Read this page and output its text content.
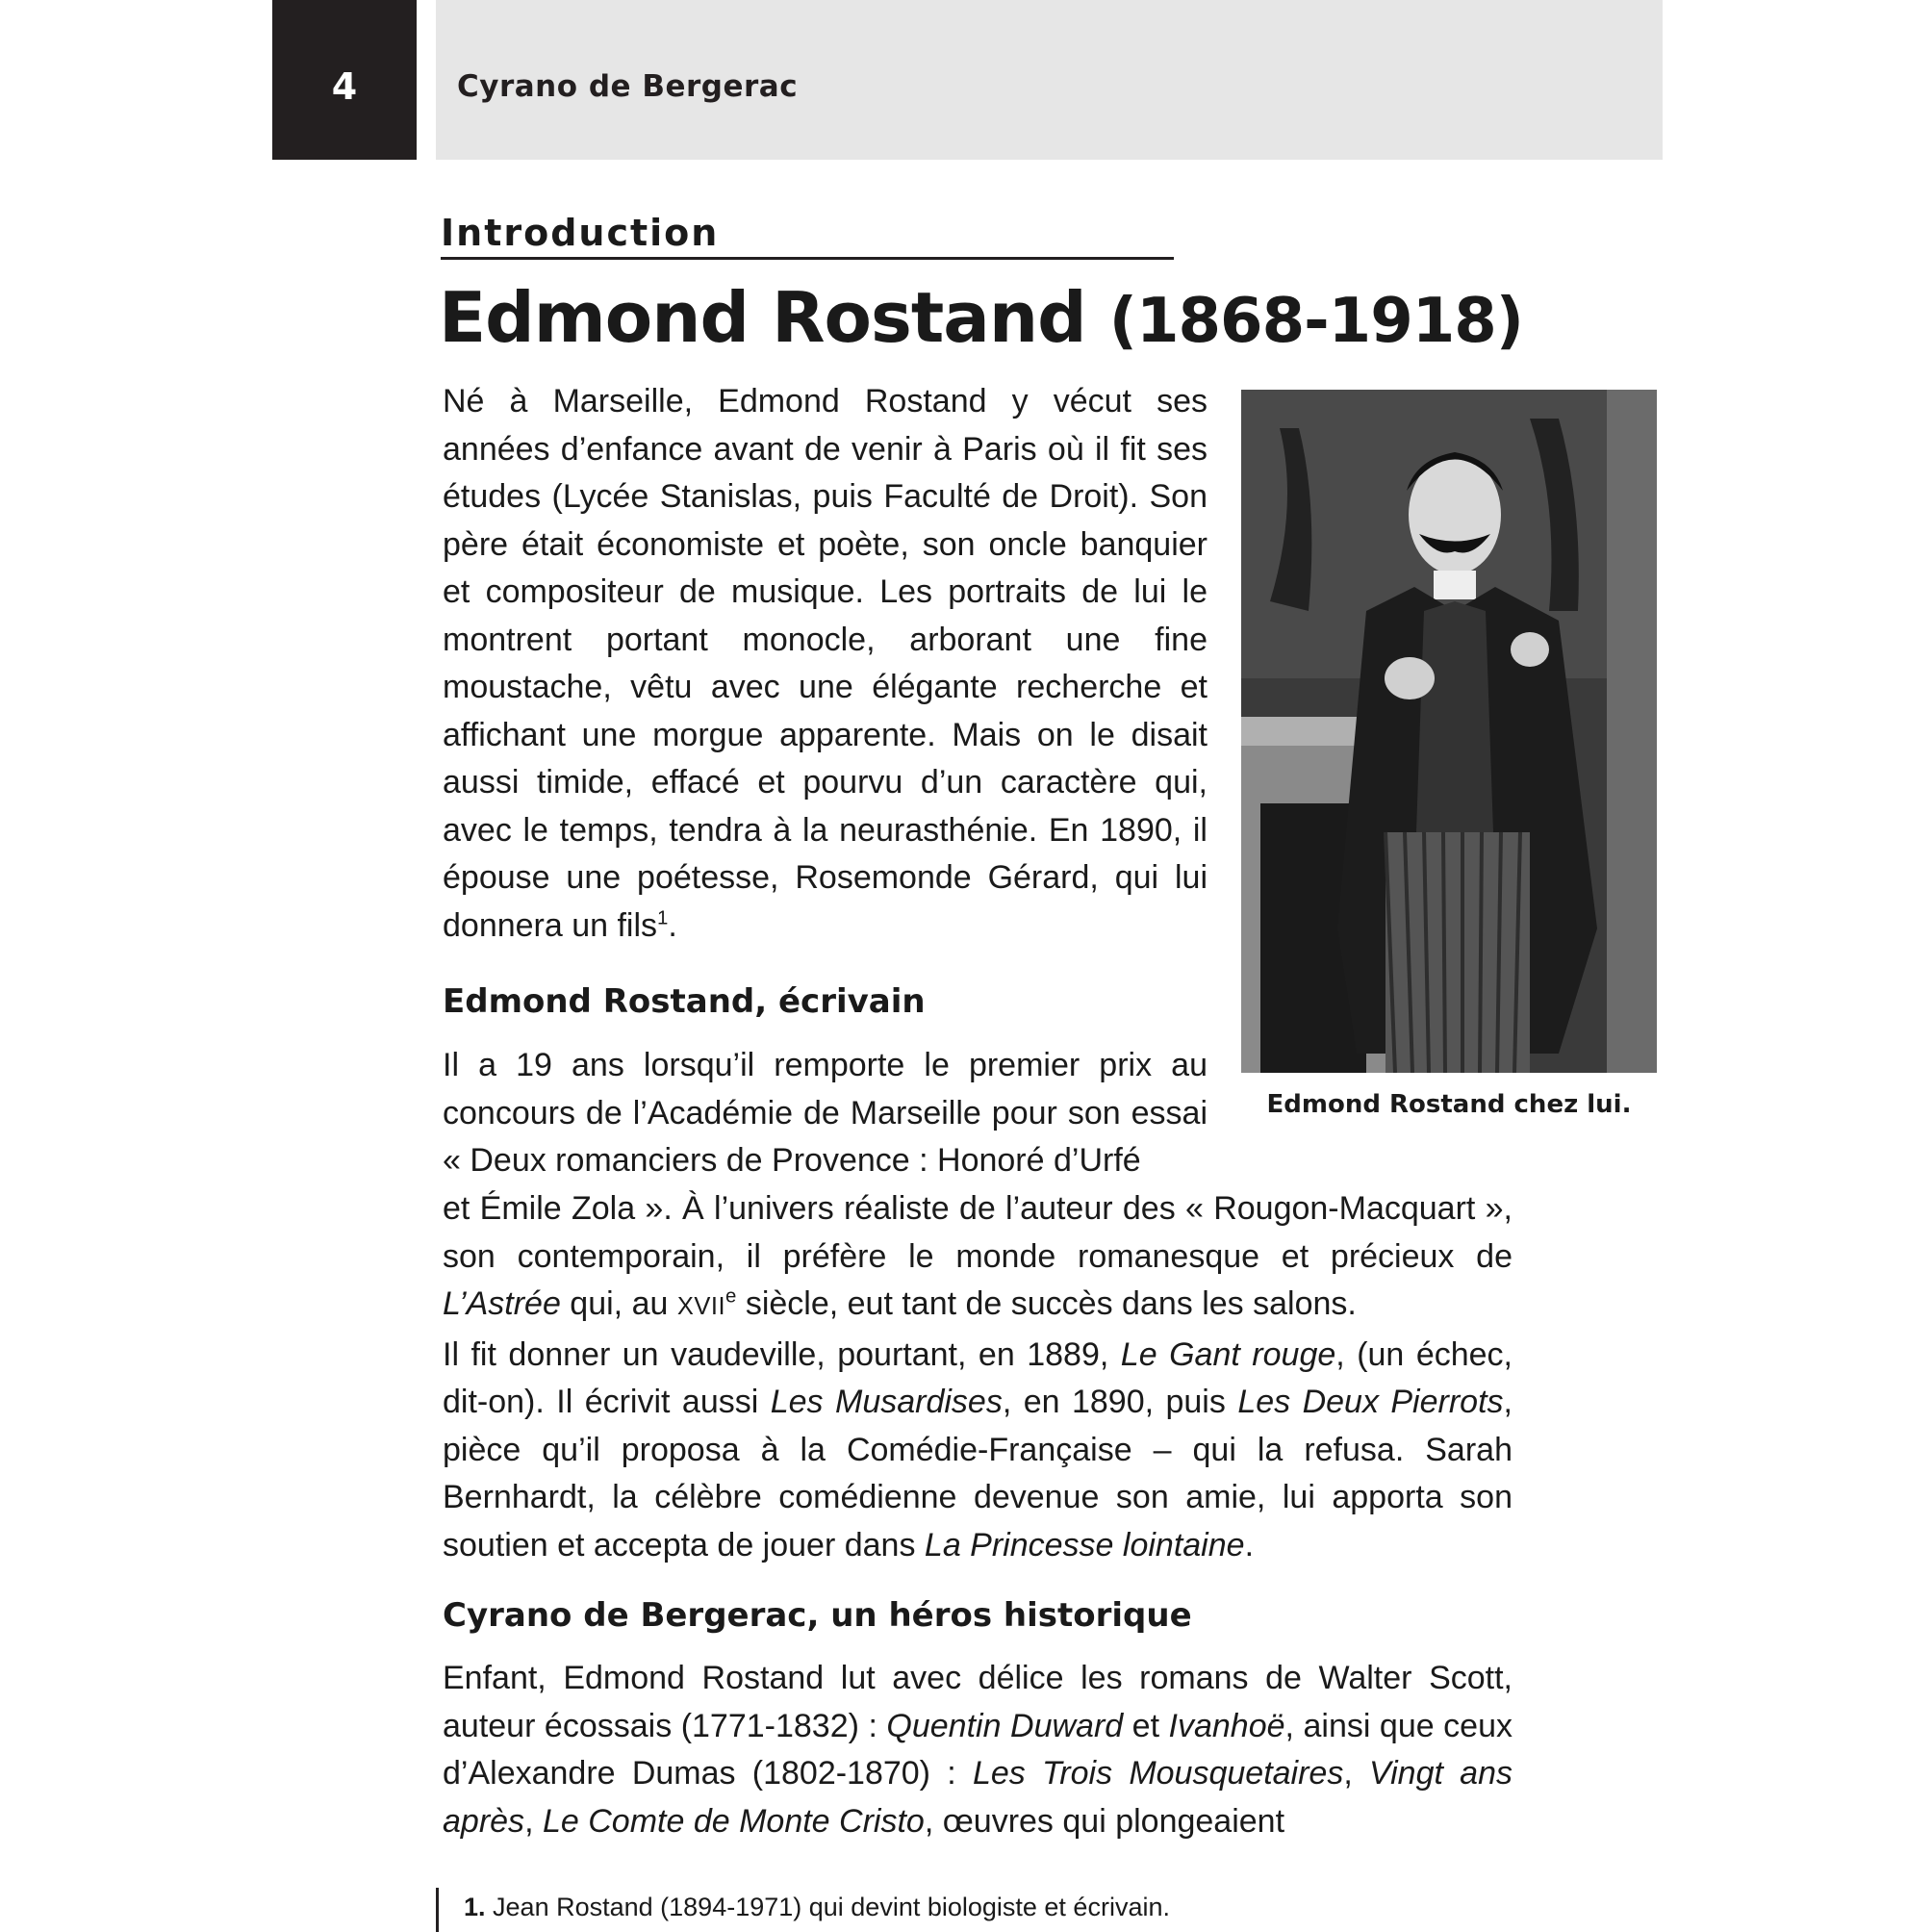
4	Cyrano de Bergerac
Introduction
Edmond Rostand (1868-1918)
Né à Marseille, Edmond Rostand y vécut ses années d’enfance avant de venir à Paris où il fit ses études (Lycée Stanislas, puis Faculté de Droit). Son père était économiste et poète, son oncle banquier et compositeur de musique. Les portraits de lui le montrent portant monocle, arborant une fine moustache, vêtu avec une élégante recherche et affichant une morgue apparente. Mais on le disait aussi timide, effacé et pourvu d’un caractère qui, avec le temps, tendra à la neurasthénie. En 1890, il épouse une poétesse, Rosemonde Gérard, qui lui donnera un fils$^1$.
Edmond Rostand chez lui.
Edmond Rostand, écrivain
Il a 19 ans lorsqu’il remporte le premier prix au concours de l’Académie de Marseille pour son essai « Deux romanciers de Provence : Honoré d’Urfé
et Émile Zola ». À l’univers réaliste de l’auteur des « Rougon-Macquart », son contemporain, il préfère le monde romanesque et précieux de L’Astrée qui, au XVIIe siècle, eut tant de succès dans les salons.
Il fit donner un vaudeville, pourtant, en 1889, Le Gant rouge, (un échec, dit-on). Il écrivit aussi Les Musardises, en 1890, puis Les Deux Pierrots, pièce qu’il proposa à la Comédie-Française – qui la refusa. Sarah Bernhardt, la célèbre comédienne devenue son amie, lui apporta son soutien et accepta de jouer dans La Princesse lointaine.
Cyrano de Bergerac, un héros historique
Enfant, Edmond Rostand lut avec délice les romans de Walter Scott, auteur écossais (1771-1832) : Quentin Duward et Ivanhoë, ainsi que ceux d’Alexandre Dumas (1802-1870) : Les Trois Mousquetaires, Vingt ans après, Le Comte de Monte Cristo, œuvres qui plongeaient
1. Jean Rostand (1894-1971) qui devint biologiste et écrivain.
